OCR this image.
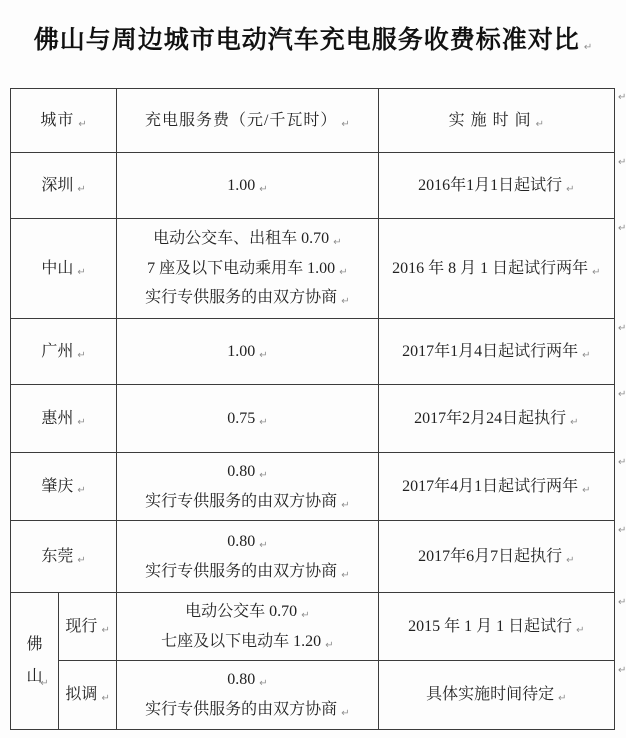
佛山与周边城市电动汽车充电服务收费标准对比 ↵
城市 ↵		充电服务费（元/千瓦时） ↵	实 施 时 间 ↵
深圳 ↵		1.00 ↵	2016年1月1日起试行 ↵
中山 ↵		电动公交车、出租车 0.70 ↵
7 座及以下电动乘用车 1.00 ↵
实行专供服务的由双方协商 ↵	2016 年 8 月 1 日起试行两年 ↵
广州 ↵		1.00 ↵	2017年1月4日起试行两年 ↵
惠州 ↵		0.75 ↵	2017年2月24日起执行 ↵
肇庆 ↵		0.80 ↵
实行专供服务的由双方协商 ↵	2017年4月1日起试行两年 ↵
东莞 ↵		0.80 ↵
实行专供服务的由双方协商 ↵	2017年6月7日起执行 ↵

佛山
↵	现行 ↵	电动公交车 0.70 ↵
七座及以下电动车 1.20 ↵	2015 年 1 月 1 日起试行 ↵
	拟调 ↵	0.80 ↵
实行专供服务的由双方协商 ↵	具体实施时间待定 ↵
↵
↵
↵
↵
↵
↵
↵
↵
↵
